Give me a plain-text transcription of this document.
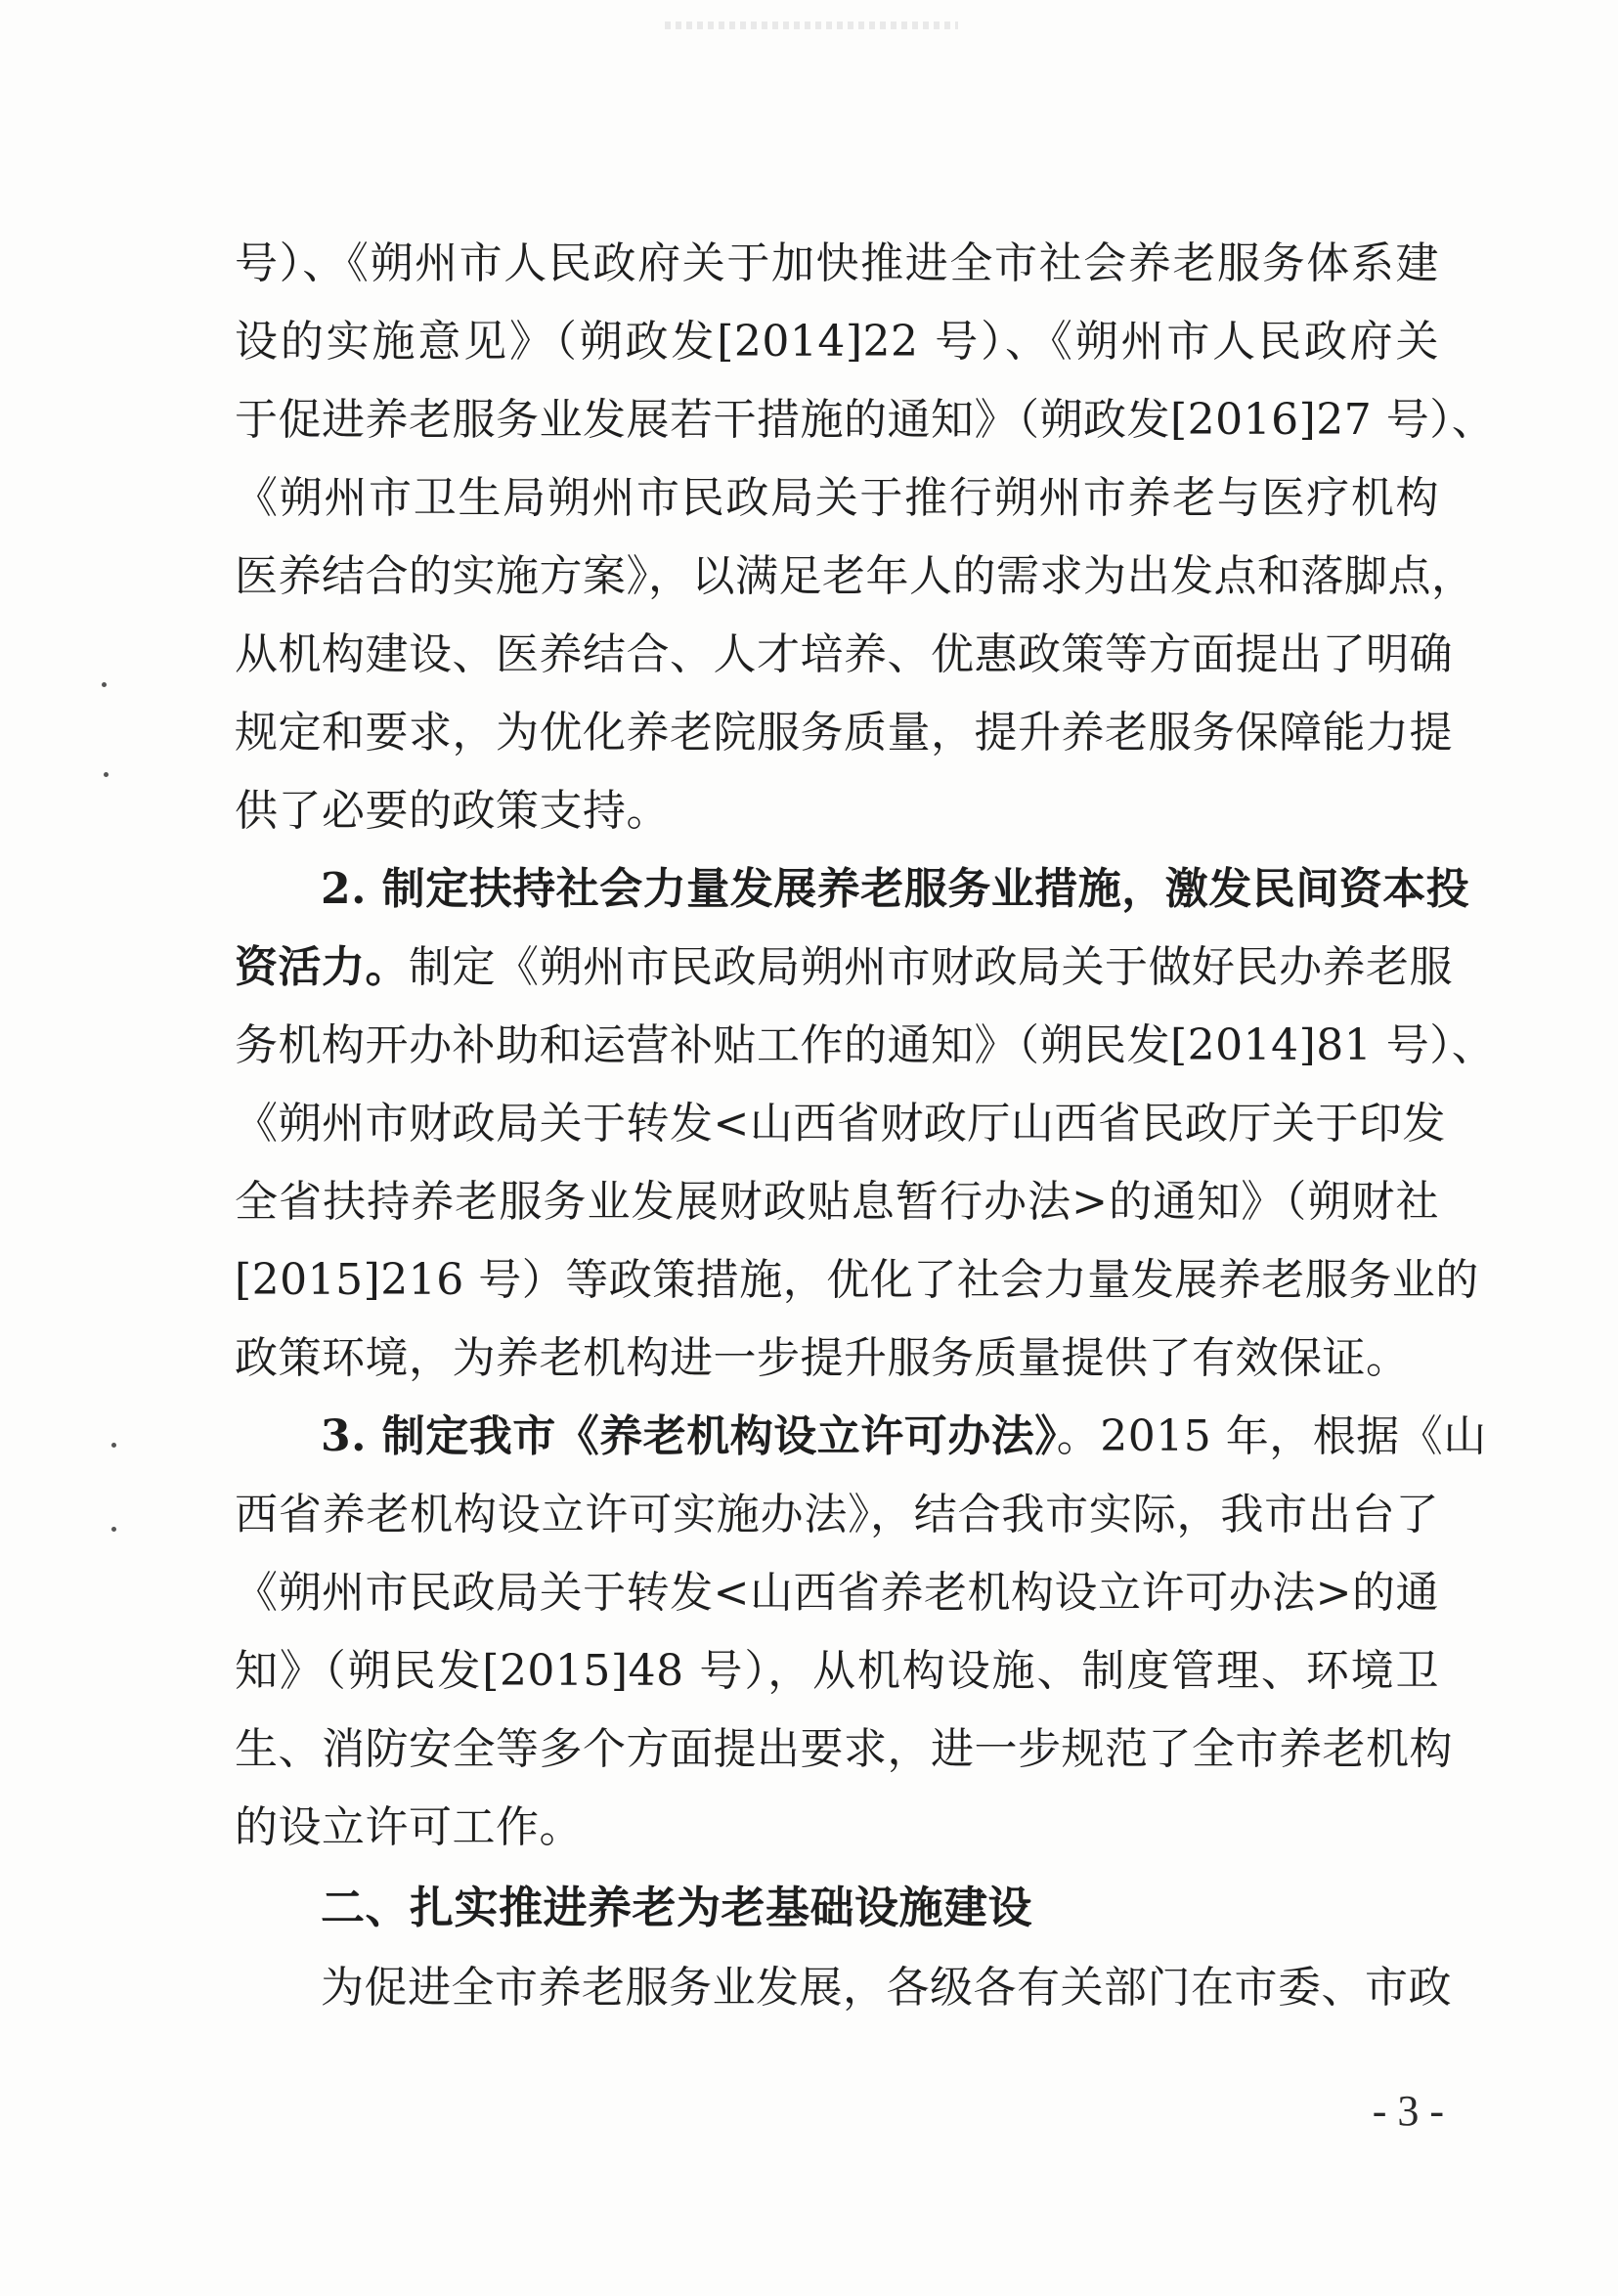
号）、《朔州市人民政府关于加快推进全市社会养老服务体系建

设的实施意见》（朔政发[2014]22 号）、《朔州市人民政府关

于促进养老服务业发展若干措施的通知》（朔政发[2016]27 号）、

《朔州市卫生局朔州市民政局关于推行朔州市养老与医疗机构

医养结合的实施方案》，以满足老年人的需求为出发点和落脚点，

从机构建设、医养结合、人才培养、优惠政策等方面提出了明确

规定和要求，为优化养老院服务质量，提升养老服务保障能力提

供了必要的政策支持。

2. 制定扶持社会力量发展养老服务业措施，激发民间资本投

资活力。制定《朔州市民政局朔州市财政局关于做好民办养老服

务机构开办补助和运营补贴工作的通知》（朔民发[2014]81 号）、

《朔州市财政局关于转发<山西省财政厅山西省民政厅关于印发

全省扶持养老服务业发展财政贴息暂行办法>的通知》（朔财社

[2015]216 号）等政策措施，优化了社会力量发展养老服务业的

政策环境，为养老机构进一步提升服务质量提供了有效保证。

3. 制定我市《养老机构设立许可办法》。2015 年，根据《山

西省养老机构设立许可实施办法》，结合我市实际，我市出台了

《朔州市民政局关于转发<山西省养老机构设立许可办法>的通

知》（朔民发[2015]48 号），从机构设施、制度管理、环境卫

生、消防安全等多个方面提出要求，进一步规范了全市养老机构

的设立许可工作。

二、扎实推进养老为老基础设施建设

为促进全市养老服务业发展，各级各有关部门在市委、市政

- 3 -
